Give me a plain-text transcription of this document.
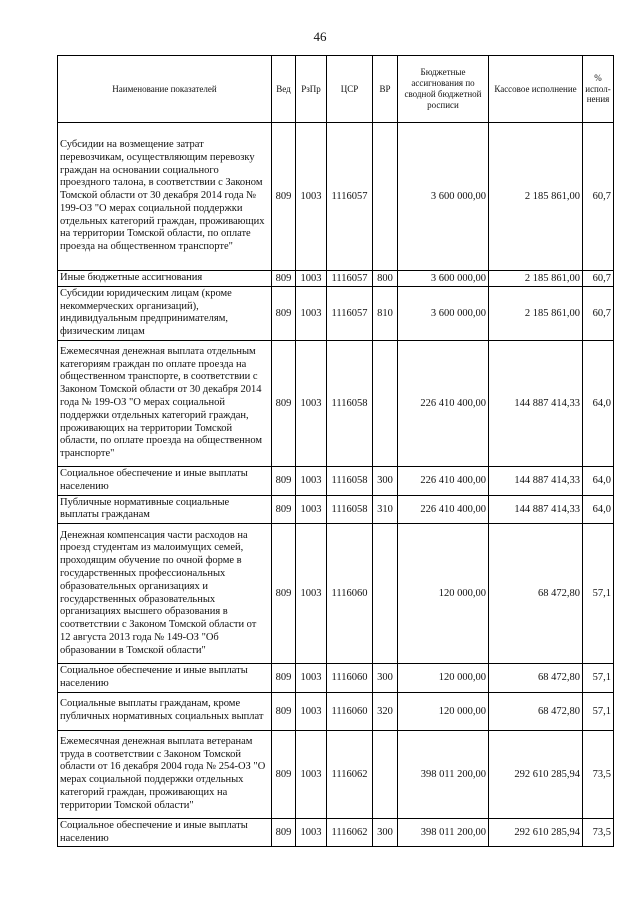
46
Наименование показателей	Вед	РзПр	ЦСР	ВР	Бюджетные ассигнования по сводной бюджетной росписи	Кассовое исполнение	% испол-нения
Субсидии на возмещение затрат перевозчикам, осуществляющим перевозку граждан на основании социального проездного талона, в соответствии с Законом Томской области от 30 декабря 2014 года № 199-ОЗ "О мерах социальной поддержки отдельных категорий граждан, проживающих на территории Томской области, по оплате проезда на общественном транспорте"	809	1003	1116057		3 600 000,00	2 185 861,00	60,7
Иные бюджетные ассигнования	809	1003	1116057	800	3 600 000,00	2 185 861,00	60,7
Субсидии юридическим лицам (кроме некоммерческих организаций), индивидуальным предпринимателям, физическим лицам	809	1003	1116057	810	3 600 000,00	2 185 861,00	60,7
Ежемесячная денежная выплата отдельным категориям граждан по оплате проезда на общественном транспорте, в соответствии с Законом Томской области от 30 декабря 2014 года № 199-ОЗ "О мерах социальной поддержки отдельных категорий граждан, проживающих на территории Томской области, по оплате проезда на общественном транспорте"	809	1003	1116058		226 410 400,00	144 887 414,33	64,0
Социальное обеспечение и иные выплаты населению	809	1003	1116058	300	226 410 400,00	144 887 414,33	64,0
Публичные нормативные социальные выплаты гражданам	809	1003	1116058	310	226 410 400,00	144 887 414,33	64,0
Денежная компенсация части расходов на проезд студентам из малоимущих семей, проходящим обучение по очной форме в государственных профессиональных образовательных организациях и государственных образовательных организациях высшего образования в соответствии с Законом Томской области от 12 августа 2013 года № 149-ОЗ "Об образовании в Томской области"	809	1003	1116060		120 000,00	68 472,80	57,1
Социальное обеспечение и иные выплаты населению	809	1003	1116060	300	120 000,00	68 472,80	57,1
Социальные выплаты гражданам, кроме публичных нормативных социальных выплат	809	1003	1116060	320	120 000,00	68 472,80	57,1
Ежемесячная денежная выплата ветеранам труда в соответствии с Законом Томской области от 16 декабря 2004 года № 254-ОЗ "О мерах социальной поддержки отдельных категорий граждан, проживающих на территории Томской области"	809	1003	1116062		398 011 200,00	292 610 285,94	73,5
Социальное обеспечение и иные выплаты населению	809	1003	1116062	300	398 011 200,00	292 610 285,94	73,5
